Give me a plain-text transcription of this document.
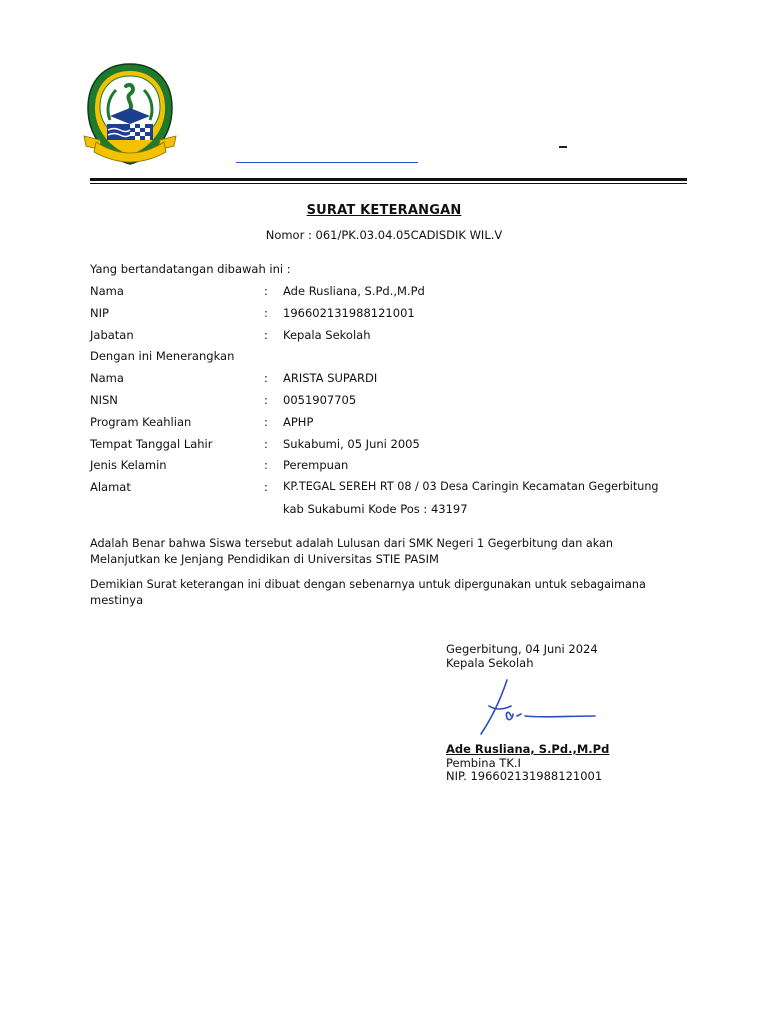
SURAT KETERANGAN
Nomor : 061/PK.03.04.05CADISDIK WIL.V
Yang bertandatangan dibawah ini :
Nama	: Ade Rusliana, S.Pd.,M.Pd
NIP	: 196602131988121001
Jabatan	: Kepala Sekolah
Dengan ini Menerangkan
Nama	: ARISTA SUPARDI
NISN	: 0051907705
Program Keahlian	: APHP
Tempat Tanggal Lahir	: Sukabumi, 05 Juni 2005
Jenis Kelamin	: Perempuan
Alamat	: KP.TEGAL SEREH RT 08 / 03 Desa Caringin Kecamatan Gegerbitung
kab Sukabumi Kode Pos : 43197
Adalah Benar bahwa Siswa tersebut adalah Lulusan dari SMK Negeri 1 Gegerbitung dan akan
Melanjutkan ke Jenjang Pendidikan di Universitas STIE PASIM
Demikian Surat keterangan ini dibuat dengan sebenarnya untuk dipergunakan untuk sebagaimana
mestinya
Gegerbitung, 04 Juni 2024
Kepala Sekolah
Ade Rusliana, S.Pd.,M.Pd
Pembina TK.I
NIP. 196602131988121001
